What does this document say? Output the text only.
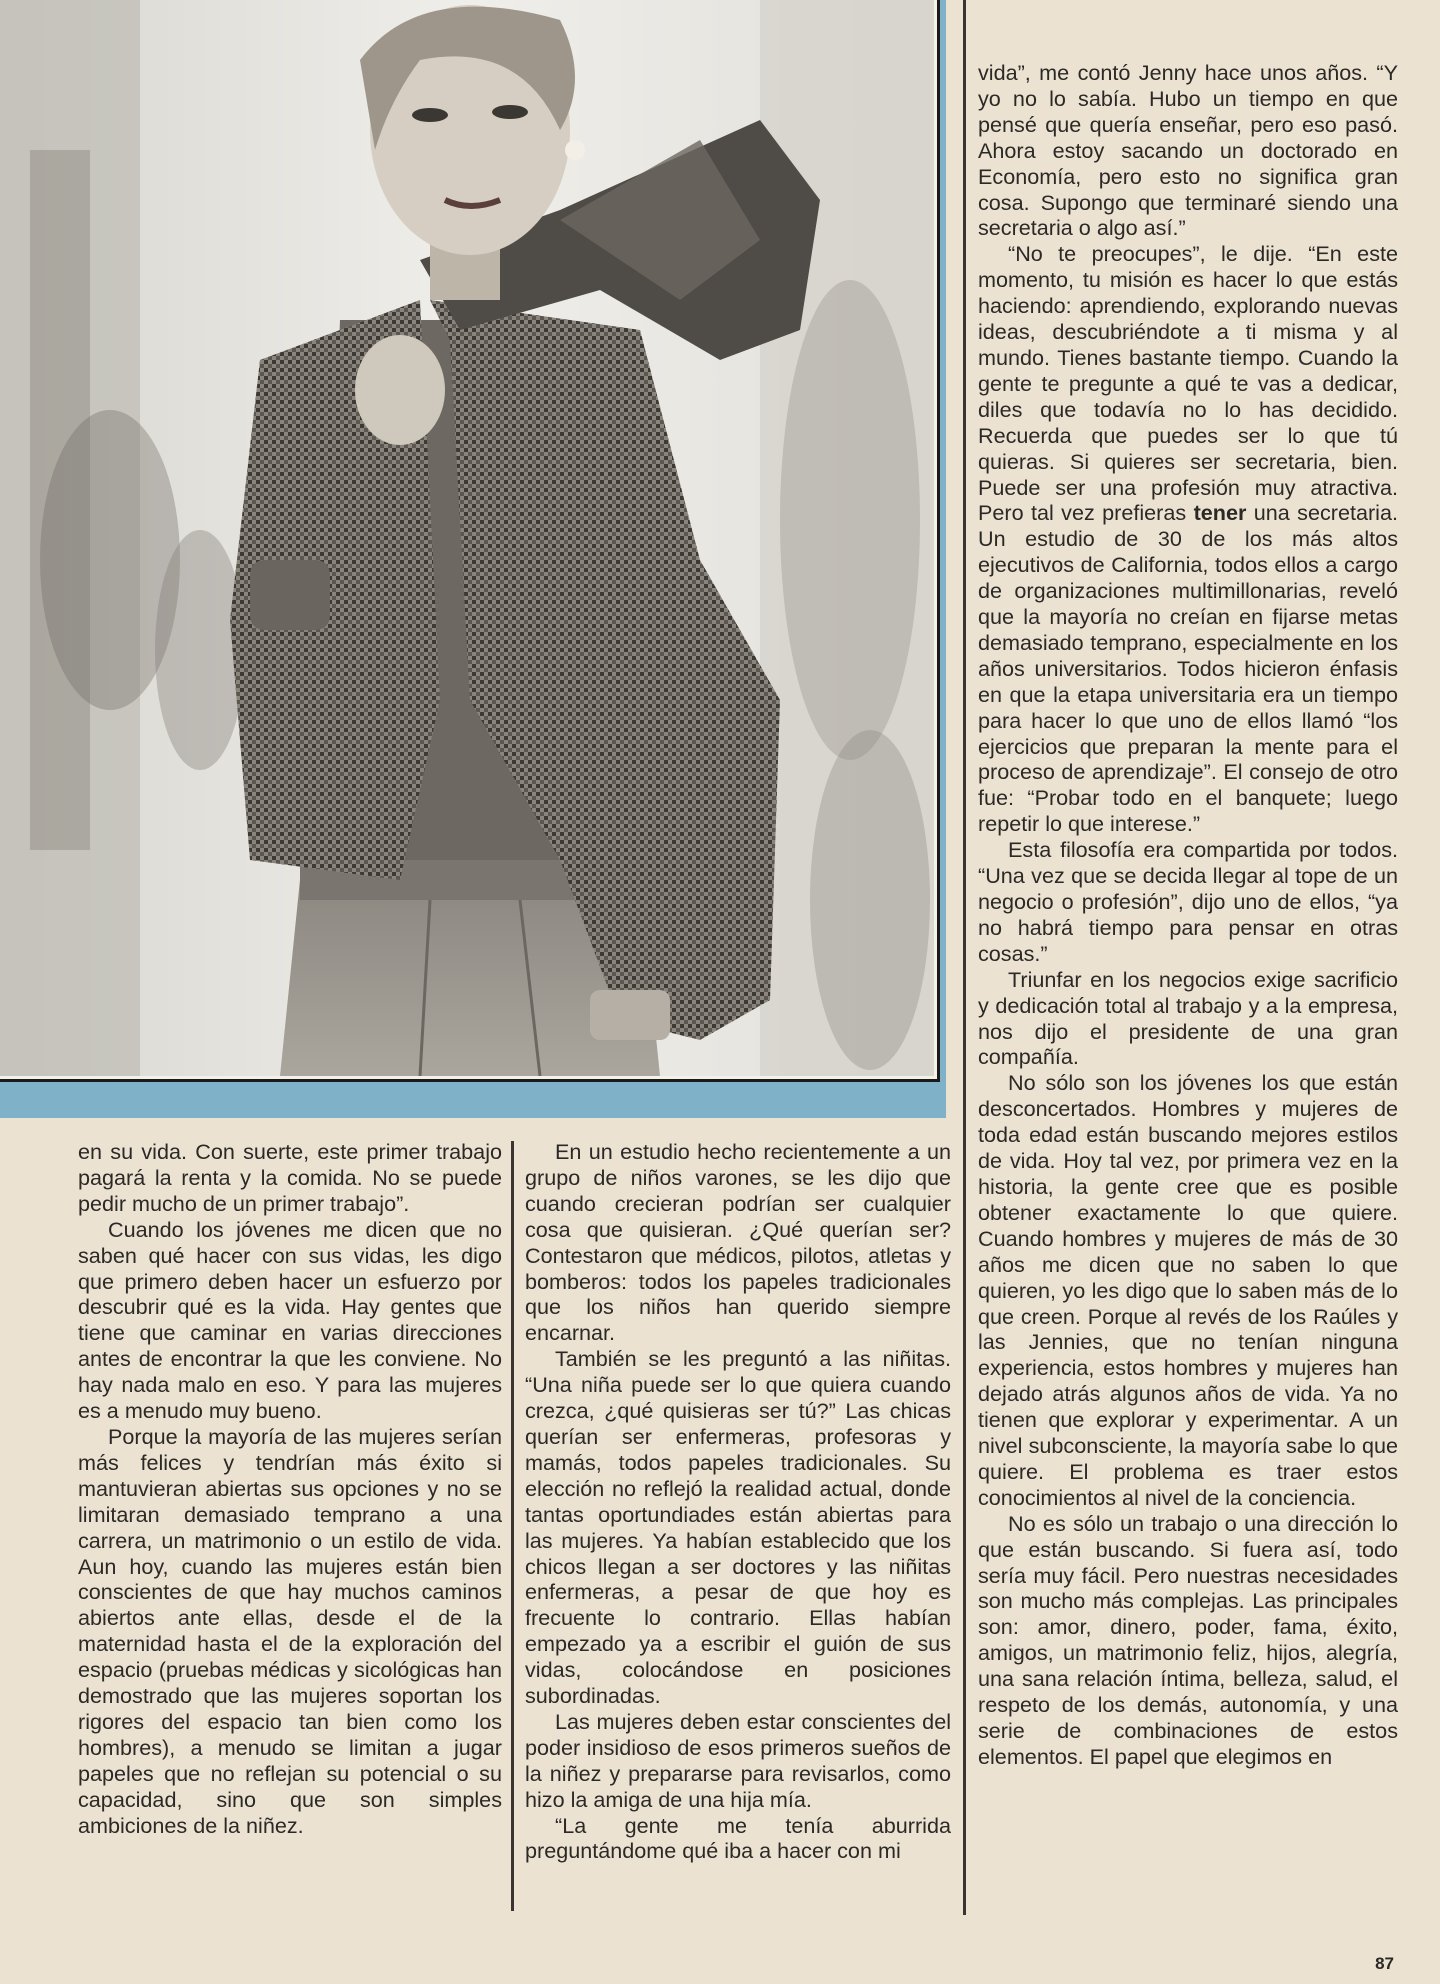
en su vida. Con suerte, este primer trabajo pagará la renta y la comida. No se puede pedir mucho de un primer trabajo”.

Cuando los jóvenes me dicen que no saben qué hacer con sus vidas, les digo que primero deben hacer un esfuerzo por descubrir qué es la vida. Hay gentes que tiene que caminar en varias direcciones antes de encontrar la que les conviene. No hay nada malo en eso. Y para las mujeres es a menudo muy bueno.

Porque la mayoría de las mujeres serían más felices y tendrían más éxito si mantuvieran abiertas sus opciones y no se limitaran demasiado temprano a una carrera, un matrimonio o un estilo de vida. Aun hoy, cuando las mujeres están bien conscientes de que hay muchos caminos abiertos ante ellas, desde el de la maternidad hasta el de la exploración del espacio (pruebas médicas y sicológicas han demostrado que las mujeres soportan los rigores del espacio tan bien como los hombres), a menudo se limitan a jugar papeles que no reflejan su potencial o su capacidad, sino que son simples ambiciones de la niñez.

En un estudio hecho recientemente a un grupo de niños varones, se les dijo que cuando crecieran podrían ser cualquier cosa que quisieran. ¿Qué querían ser? Contestaron que médicos, pilotos, atletas y bomberos: todos los papeles tradicionales que los niños han querido siempre encarnar.

También se les preguntó a las niñitas. “Una niña puede ser lo que quiera cuando crezca, ¿qué quisieras ser tú?” Las chicas querían ser enfermeras, profesoras y mamás, todos papeles tradicionales. Su elección no reflejó la realidad actual, donde tantas oportundiades están abiertas para las mujeres. Ya habían establecido que los chicos llegan a ser doctores y las niñitas enfermeras, a pesar de que hoy es frecuente lo contrario. Ellas habían empezado ya a escribir el guión de sus vidas, colocándose en posiciones subordinadas.

Las mujeres deben estar conscientes del poder insidioso de esos primeros sueños de la niñez y prepararse para revisarlos, como hizo la amiga de una hija mía.

“La gente me tenía aburrida preguntándome qué iba a hacer con mi

vida”, me contó Jenny hace unos años. “Y yo no lo sabía. Hubo un tiempo en que pensé que quería enseñar, pero eso pasó. Ahora estoy sacando un doctorado en Economía, pero esto no significa gran cosa. Supongo que terminaré siendo una secretaria o algo así.”

“No te preocupes”, le dije. “En este momento, tu misión es hacer lo que estás haciendo: aprendiendo, explorando nuevas ideas, descubriéndote a ti misma y al mundo. Tienes bastante tiempo. Cuando la gente te pregunte a qué te vas a dedicar, diles que todavía no lo has decidido. Recuerda que puedes ser lo que tú quieras. Si quieres ser secretaria, bien. Puede ser una profesión muy atractiva. Pero tal vez prefieras tener una secretaria. Un estudio de 30 de los más altos ejecutivos de California, todos ellos a cargo de organizaciones multimillonarias, reveló que la mayoría no creían en fijarse metas demasiado temprano, especialmente en los años universitarios. Todos hicieron énfasis en que la etapa universitaria era un tiempo para hacer lo que uno de ellos llamó “los ejercicios que preparan la mente para el proceso de aprendizaje”. El consejo de otro fue: “Probar todo en el banquete; luego repetir lo que interese.”

Esta filosofía era compartida por todos. “Una vez que se decida llegar al tope de un negocio o profesión”, dijo uno de ellos, “ya no habrá tiempo para pensar en otras cosas.”

Triunfar en los negocios exige sacrificio y dedicación total al trabajo y a la empresa, nos dijo el presidente de una gran compañía.

No sólo son los jóvenes los que están desconcertados. Hombres y mujeres de toda edad están buscando mejores estilos de vida. Hoy tal vez, por primera vez en la historia, la gente cree que es posible obtener exactamente lo que quiere. Cuando hombres y mujeres de más de 30 años me dicen que no saben lo que quieren, yo les digo que lo saben más de lo que creen. Porque al revés de los Raúles y las Jennies, que no tenían ninguna experiencia, estos hombres y mujeres han dejado atrás algunos años de vida. Ya no tienen que explorar y experimentar. A un nivel subconsciente, la mayoría sabe lo que quiere. El problema es traer estos conocimientos al nivel de la conciencia.

No es sólo un trabajo o una dirección lo que están buscando. Si fuera así, todo sería muy fácil. Pero nuestras necesidades son mucho más complejas. Las principales son: amor, dinero, poder, fama, éxito, amigos, un matrimonio feliz, hijos, alegría, una sana relación íntima, belleza, salud, el respeto de los demás, autonomía, y una serie de combinaciones de estos elementos. El papel que elegimos en

87
